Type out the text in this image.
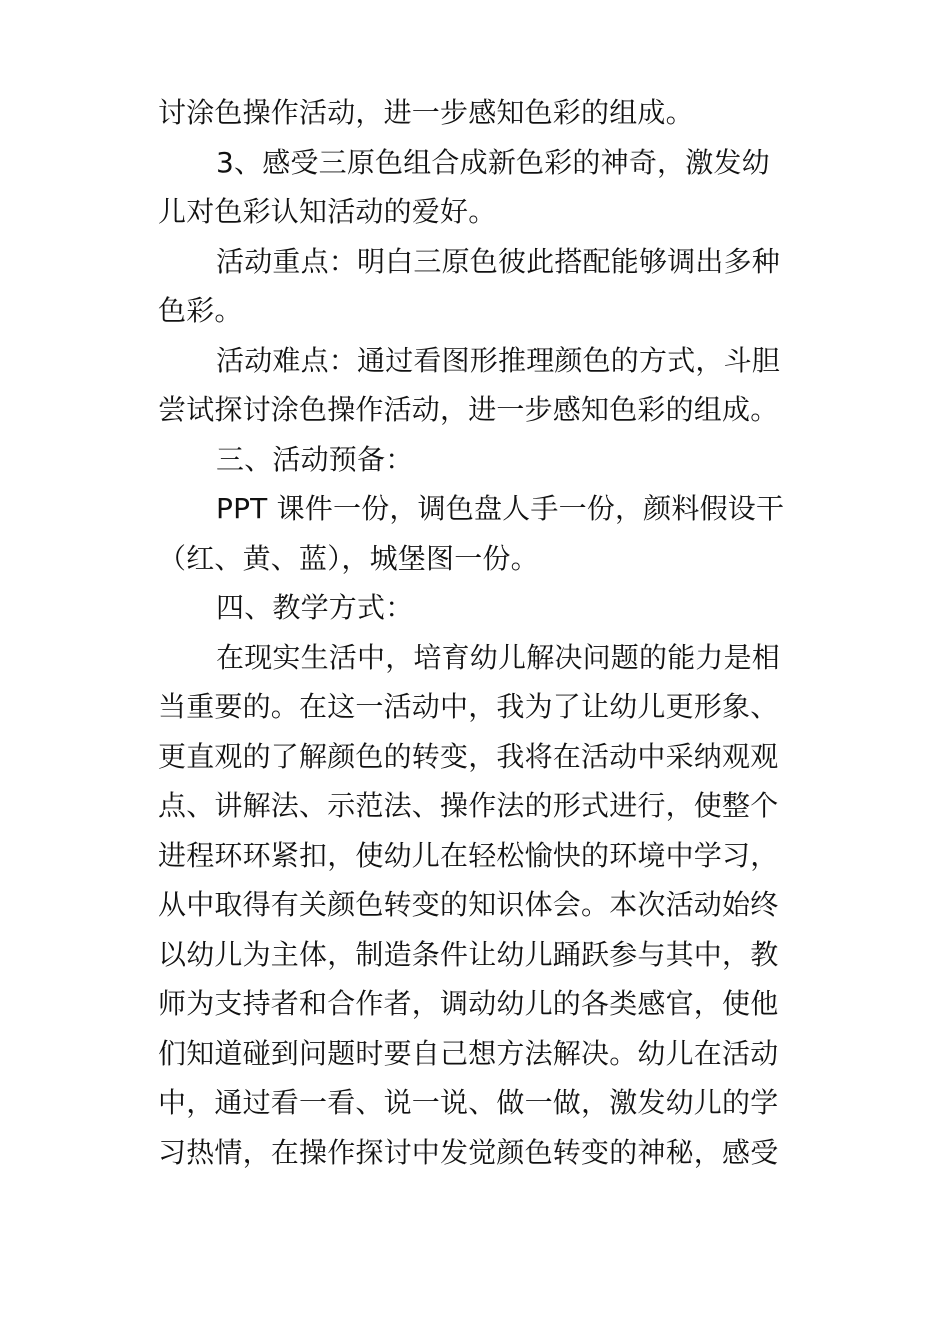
讨涂色操作活动，进一步感知色彩的组成。
3、感受三原色组合成新色彩的神奇，激发幼
儿对色彩认知活动的爱好。
活动重点：明白三原色彼此搭配能够调出多种
色彩。
活动难点：通过看图形推理颜色的方式，斗胆
尝试探讨涂色操作活动，进一步感知色彩的组成。
三、活动预备：
PPT 课件一份，调色盘人手一份，颜料假设干
（红、黄、蓝），城堡图一份。
四、教学方式：
在现实生活中，培育幼儿解决问题的能力是相
当重要的。在这一活动中，我为了让幼儿更形象、
更直观的了解颜色的转变，我将在活动中采纳观观
点、讲解法、示范法、操作法的形式进行，使整个
进程环环紧扣，使幼儿在轻松愉快的环境中学习，
从中取得有关颜色转变的知识体会。本次活动始终
以幼儿为主体，制造条件让幼儿踊跃参与其中，教
师为支持者和合作者，调动幼儿的各类感官，使他
们知道碰到问题时要自己想方法解决。幼儿在活动
中，通过看一看、说一说、做一做，激发幼儿的学
习热情，在操作探讨中发觉颜色转变的神秘，感受
